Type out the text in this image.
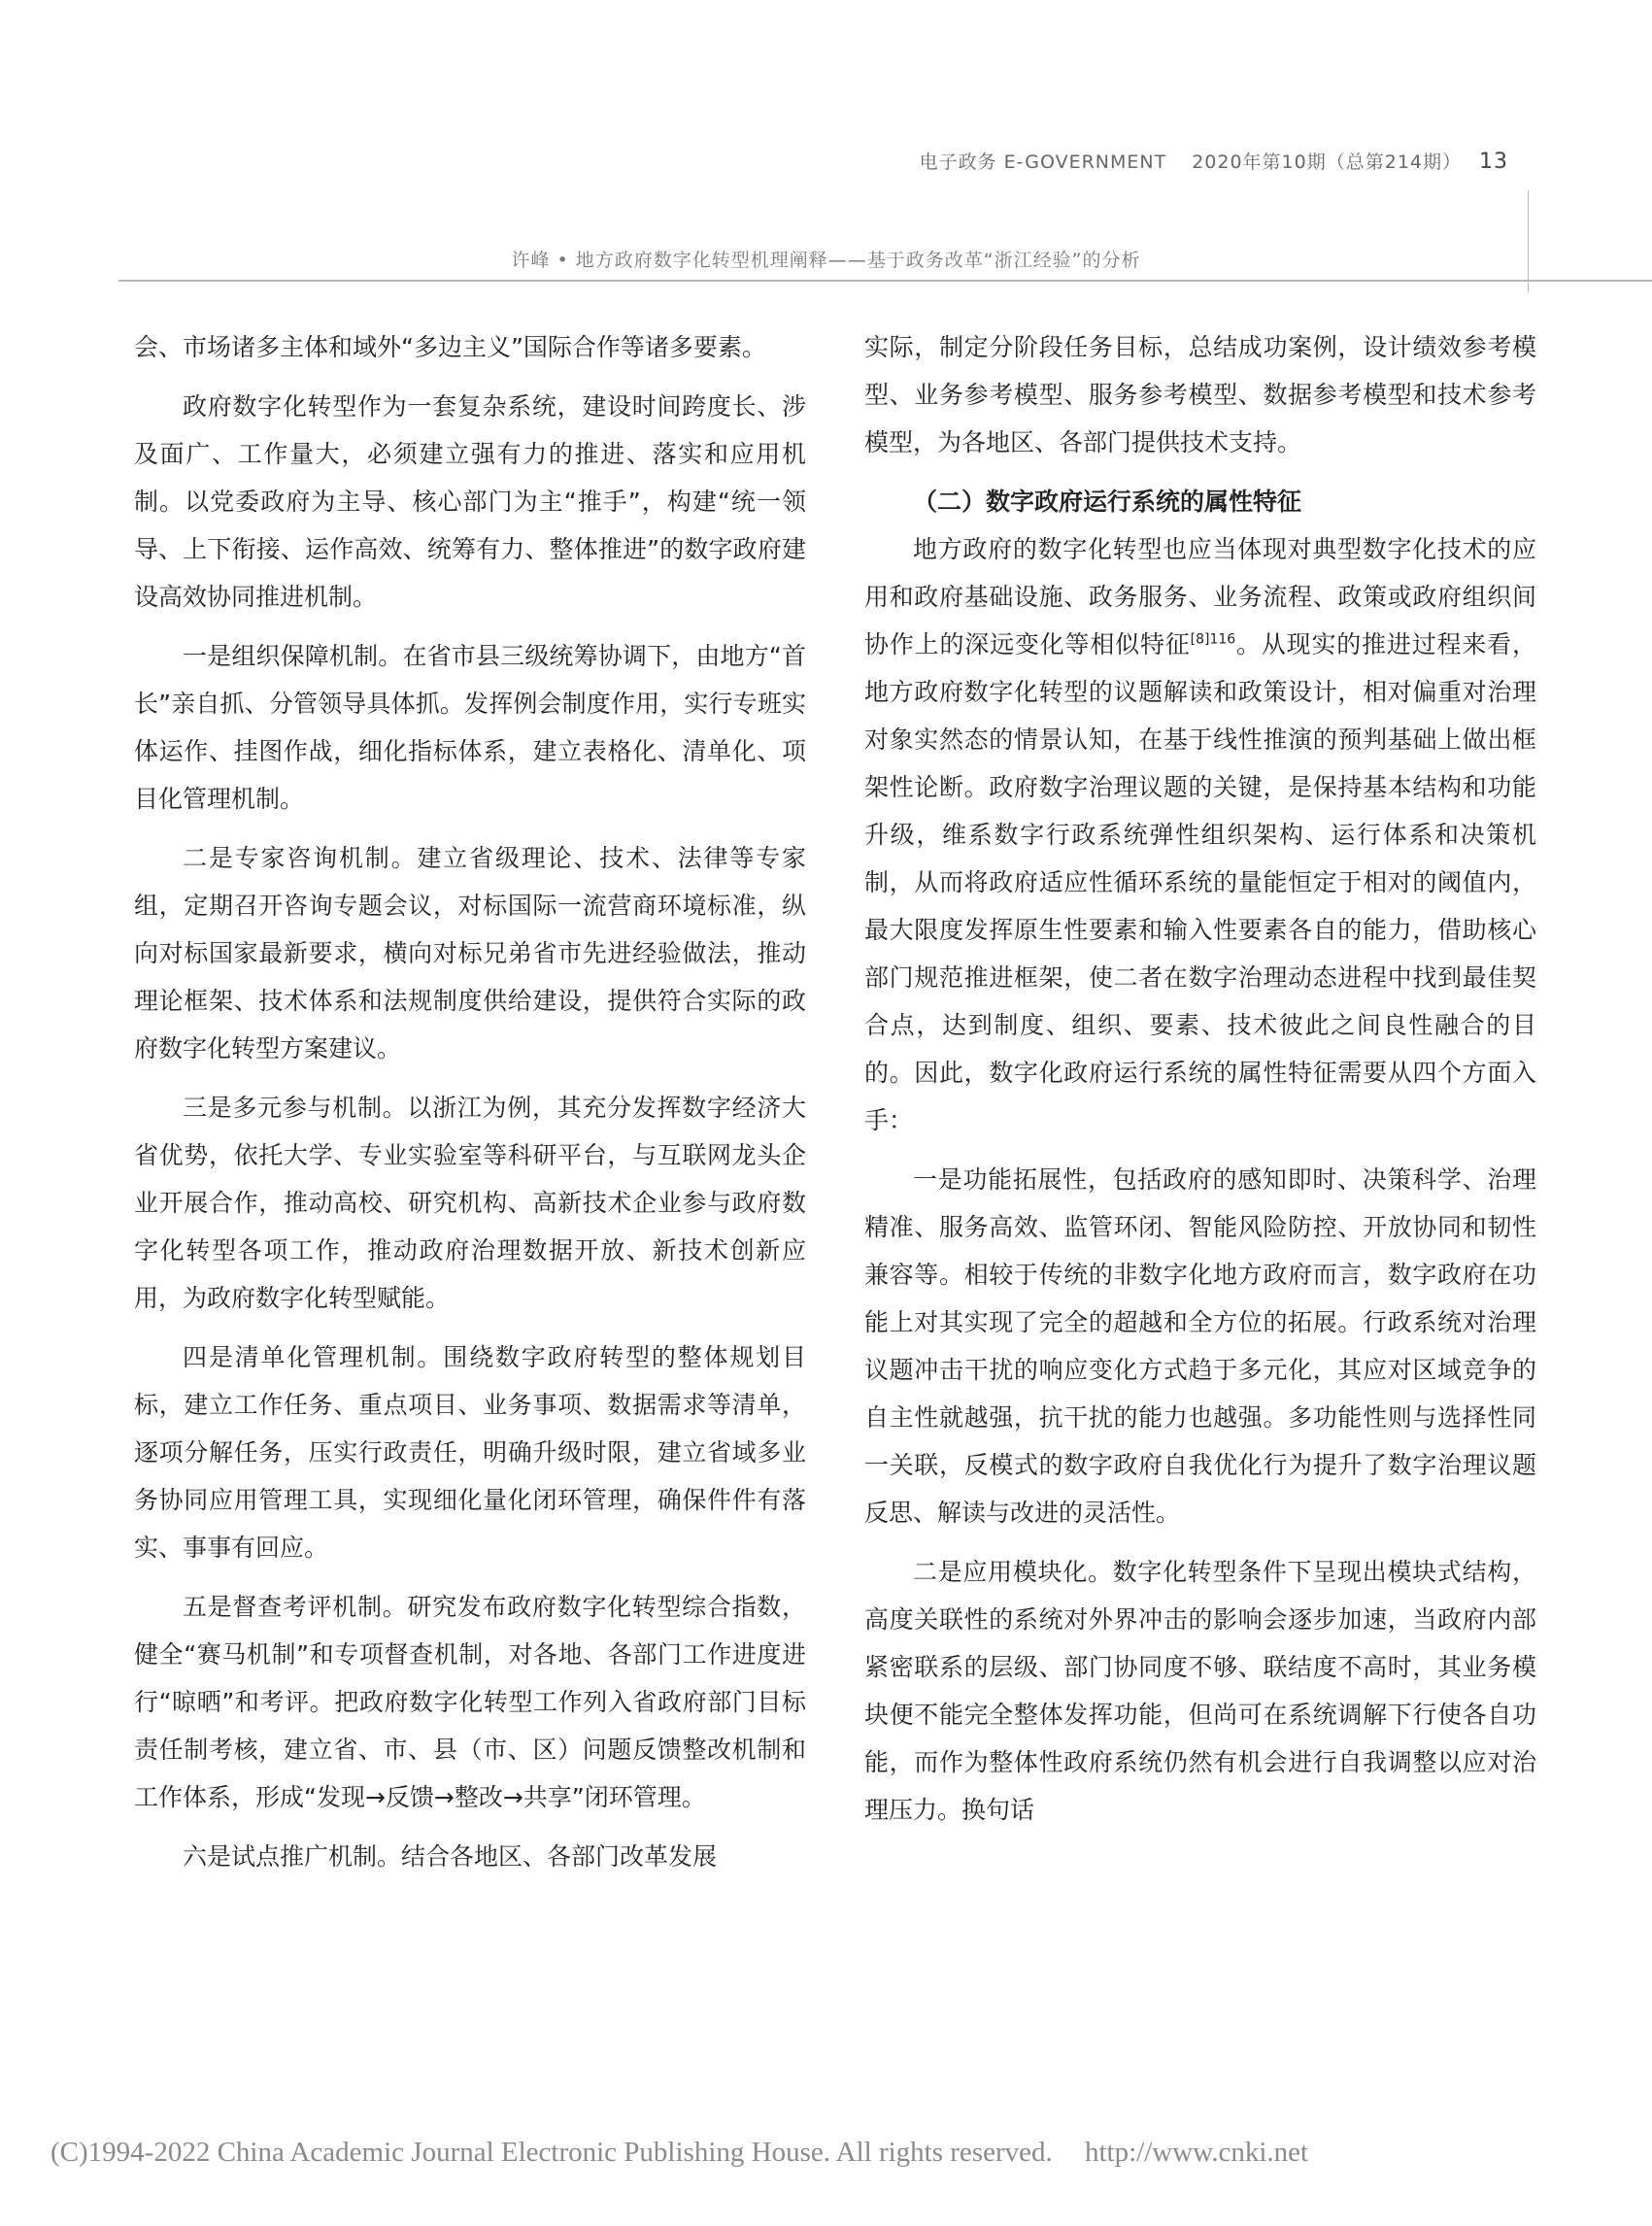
电子政务 E-GOVERNMENT 2020年第10期（总第214期） 13
许峰 • 地方政府数字化转型机理阐释——基于政务改革“浙江经验”的分析

会、市场诸多主体和域外“多边主义”国际合作等诸多要素。

政府数字化转型作为一套复杂系统，建设时间跨度长、涉及面广、工作量大，必须建立强有力的推进、落实和应用机制。以党委政府为主导、核心部门为主“推手”，构建“统一领导、上下衔接、运作高效、统筹有力、整体推进”的数字政府建设高效协同推进机制。

一是组织保障机制。在省市县三级统筹协调下，由地方“首长”亲自抓、分管领导具体抓。发挥例会制度作用，实行专班实体运作、挂图作战，细化指标体系，建立表格化、清单化、项目化管理机制。

二是专家咨询机制。建立省级理论、技术、法律等专家组，定期召开咨询专题会议，对标国际一流营商环境标准，纵向对标国家最新要求，横向对标兄弟省市先进经验做法，推动理论框架、技术体系和法规制度供给建设，提供符合实际的政府数字化转型方案建议。

三是多元参与机制。以浙江为例，其充分发挥数字经济大省优势，依托大学、专业实验室等科研平台，与互联网龙头企业开展合作，推动高校、研究机构、高新技术企业参与政府数字化转型各项工作，推动政府治理数据开放、新技术创新应用，为政府数字化转型赋能。

四是清单化管理机制。围绕数字政府转型的整体规划目标，建立工作任务、重点项目、业务事项、数据需求等清单，逐项分解任务，压实行政责任，明确升级时限，建立省域多业务协同应用管理工具，实现细化量化闭环管理，确保件件有落实、事事有回应。

五是督查考评机制。研究发布政府数字化转型综合指数，健全“赛马机制”和专项督查机制，对各地、各部门工作进度进行“晾晒”和考评。把政府数字化转型工作列入省政府部门目标责任制考核，建立省、市、县（市、区）问题反馈整改机制和工作体系，形成“发现→反馈→整改→共享”闭环管理。

六是试点推广机制。结合各地区、各部门改革发展

实际，制定分阶段任务目标，总结成功案例，设计绩效参考模型、业务参考模型、服务参考模型、数据参考模型和技术参考模型，为各地区、各部门提供技术支持。

（二）数字政府运行系统的属性特征

地方政府的数字化转型也应当体现对典型数字化技术的应用和政府基础设施、政务服务、业务流程、政策或政府组织间协作上的深远变化等相似特征$^{[8]116}$。从现实的推进过程来看，地方政府数字化转型的议题解读和政策设计，相对偏重对治理对象实然态的情景认知，在基于线性推演的预判基础上做出框架性论断。政府数字治理议题的关键，是保持基本结构和功能升级，维系数字行政系统弹性组织架构、运行体系和决策机制，从而将政府适应性循环系统的量能恒定于相对的阈值内，最大限度发挥原生性要素和输入性要素各自的能力，借助核心部门规范推进框架，使二者在数字治理动态进程中找到最佳契合点，达到制度、组织、要素、技术彼此之间良性融合的目的。因此，数字化政府运行系统的属性特征需要从四个方面入手：

一是功能拓展性，包括政府的感知即时、决策科学、治理精准、服务高效、监管环闭、智能风险防控、开放协同和韧性兼容等。相较于传统的非数字化地方政府而言，数字政府在功能上对其实现了完全的超越和全方位的拓展。行政系统对治理议题冲击干扰的响应变化方式趋于多元化，其应对区域竞争的自主性就越强，抗干扰的能力也越强。多功能性则与选择性同一关联，反模式的数字政府自我优化行为提升了数字治理议题反思、解读与改进的灵活性。

二是应用模块化。数字化转型条件下呈现出模块式结构，高度关联性的系统对外界冲击的影响会逐步加速，当政府内部紧密联系的层级、部门协同度不够、联结度不高时，其业务模块便不能完全整体发挥功能，但尚可在系统调解下行使各自功能，而作为整体性政府系统仍然有机会进行自我调整以应对治理压力。换句话

(C)1994-2022 China Academic Journal Electronic Publishing House. All rights reserved. http://www.cnki.net
